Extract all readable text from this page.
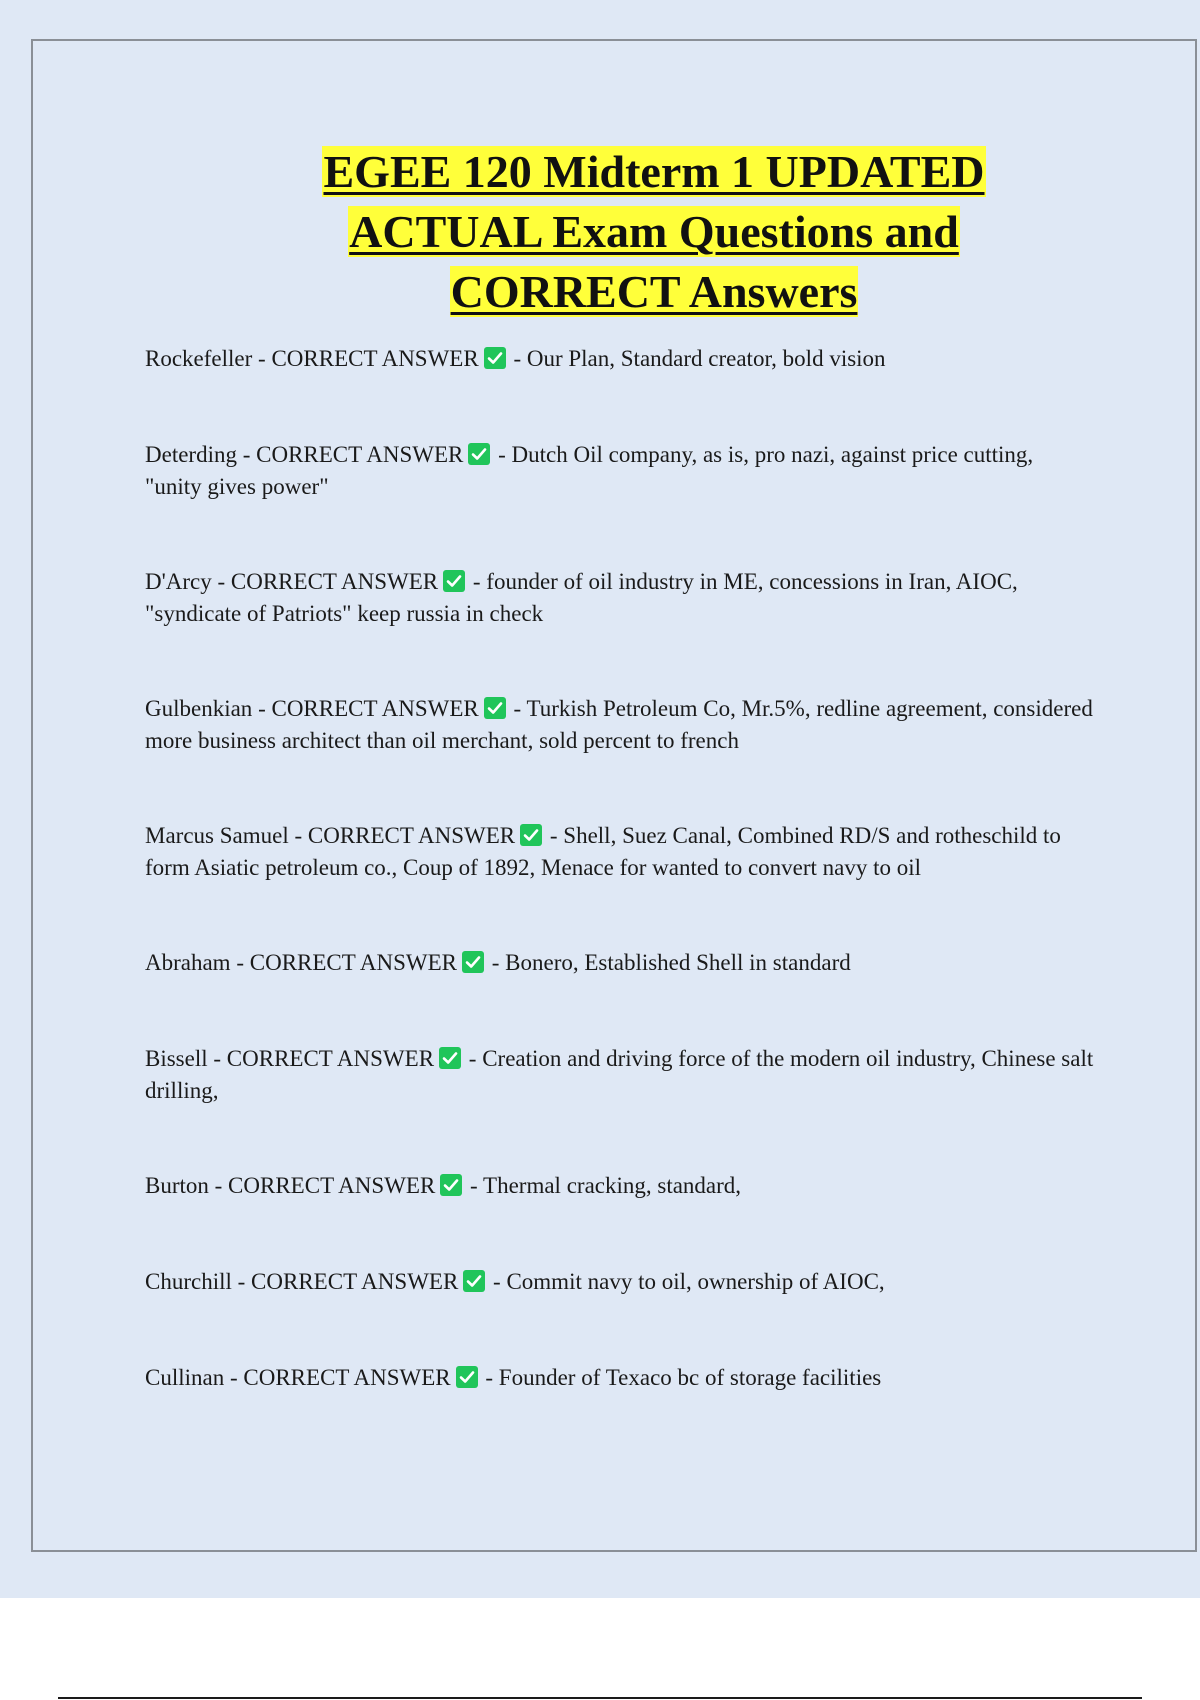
EGEE 120 Midterm 1 UPDATED
ACTUAL Exam Questions and
CORRECT Answers

Rockefeller - CORRECT ANSWER
- Our Plan, Standard creator, bold vision

Deterding - CORRECT ANSWER
- Dutch Oil company, as is, pro nazi, against price cutting, "unity gives power"

D'Arcy - CORRECT ANSWER
- founder of oil industry in ME, concessions in Iran, AIOC, "syndicate of Patriots" keep russia in check

Gulbenkian - CORRECT ANSWER
- Turkish Petroleum Co, Mr.5%, redline agreement, considered more business architect than oil merchant, sold percent to french

Marcus Samuel - CORRECT ANSWER
- Shell, Suez Canal, Combined RD/S and rotheschild to form Asiatic petroleum co., Coup of 1892, Menace for wanted to convert navy to oil

Abraham - CORRECT ANSWER
- Bonero, Established Shell in standard

Bissell - CORRECT ANSWER
- Creation and driving force of the modern oil industry, Chinese salt drilling,

Burton - CORRECT ANSWER
- Thermal cracking, standard,

Churchill - CORRECT ANSWER
- Commit navy to oil, ownership of AIOC,

Cullinan - CORRECT ANSWER
- Founder of Texaco bc of storage facilities
